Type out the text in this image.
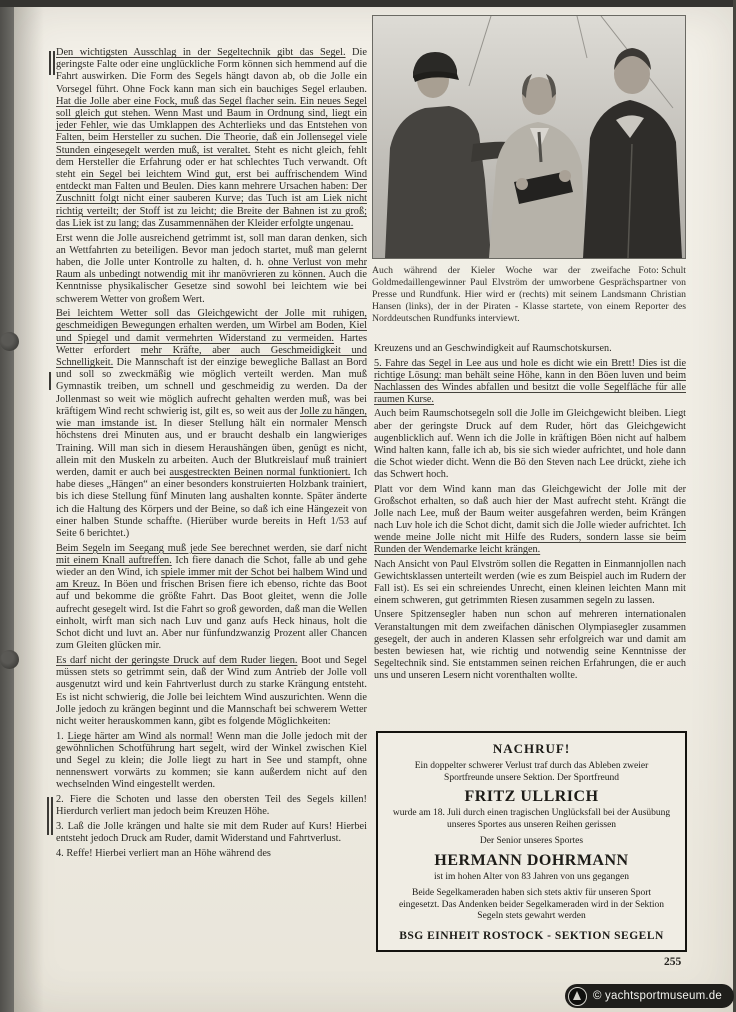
Den wichtigsten Ausschlag in der Segeltechnik gibt das Segel. Die geringste Falte oder eine unglückliche Form können sich hemmend auf die Fahrt auswirken. Die Form des Segels hängt davon ab, ob die Jolle ein Vorsegel führt. Ohne Fock kann man sich ein bauchiges Segel erlauben. Hat die Jolle aber eine Fock, muß das Segel flacher sein. Ein neues Segel soll gleich gut stehen. Wenn Mast und Baum in Ordnung sind, liegt ein jeder Fehler, wie das Umklappen des Achterlieks und das Entstehen von Falten, beim Hersteller zu suchen. Die Theorie, daß ein Jollensegel viele Stunden eingesegelt werden muß, ist veraltet. Steht es nicht gleich, fehlt dem Hersteller die Erfahrung oder er hat schlechtes Tuch verwandt. Oft steht ein Segel bei leichtem Wind gut, erst bei auffrischendem Wind entdeckt man Falten und Beulen. Dies kann mehrere Ursachen haben: Der Zuschnitt folgt nicht einer sauberen Kurve; das Tuch ist am Liek nicht richtig verteilt; der Stoff ist zu leicht; die Breite der Bahnen ist zu groß; das Liek ist zu lang; das Zusammennähen der Kleider erfolgte ungenau.

Erst wenn die Jolle ausreichend getrimmt ist, soll man daran denken, sich an Wettfahrten zu beteiligen. Bevor man jedoch startet, muß man gelernt haben, die Jolle unter Kontrolle zu halten, d. h. ohne Verlust von mehr Raum als unbedingt notwendig mit ihr manövrieren zu können. Auch die Kenntnisse physikalischer Gesetze sind sowohl bei leichtem wie bei schwerem Wetter von großem Wert.

Bei leichtem Wetter soll das Gleichgewicht der Jolle mit ruhigen, geschmeidigen Bewegungen erhalten werden, um Wirbel am Boden, Kiel und Spiegel und damit vermehrten Widerstand zu vermeiden. Hartes Wetter erfordert mehr Kräfte, aber auch Geschmeidigkeit und Schnelligkeit. Die Mannschaft ist der einzige bewegliche Ballast an Bord und soll so zweckmäßig wie möglich verteilt werden. Man muß Gymnastik treiben, um schnell und geschmeidig zu werden. Da der Jollenmast so weit wie möglich aufrecht gehalten werden muß, was bei kräftigem Wind recht schwierig ist, gilt es, so weit aus der Jolle zu hängen, wie man imstande ist. In dieser Stellung hält ein normaler Mensch höchstens drei Minuten aus, und er braucht deshalb ein langwieriges Training. Will man sich in diesem Heraushängen üben, genügt es nicht, allein mit den Muskeln zu arbeiten. Auch der Blutkreislauf muß trainiert werden, damit er auch bei ausgestreckten Beinen normal funktioniert. Ich habe dieses „Hängen“ an einer besonders konstruierten Holzbank trainiert, bis ich diese Stellung fünf Minuten lang aushalten konnte. Später änderte ich die Haltung des Körpers und der Beine, so daß ich eine Hängezeit von einer halben Stunde schaffte. (Hierüber wurde bereits in Heft 1/53 auf Seite 6 berichtet.)

Beim Segeln im Seegang muß jede See berechnet werden, sie darf nicht mit einem Knall auftreffen. Ich fiere danach die Schot, falle ab und gehe wieder an den Wind, ich spiele immer mit der Schot bei halbem Wind und am Kreuz. In Böen und frischen Brisen fiere ich ebenso, richte das Boot auf und bekomme die größte Fahrt. Das Boot gleitet, wenn die Jolle aufrecht gesegelt wird. Ist die Fahrt so groß geworden, daß man die Wellen einholt, wirft man sich nach Luv und ganz aufs Heck hinaus, holt die Schot dicht und luvt an. Aber nur fünfundzwanzig Prozent aller Chancen zum Gleiten glücken mir.

Es darf nicht der geringste Druck auf dem Ruder liegen. Boot und Segel müssen stets so getrimmt sein, daß der Wind zum Antrieb der Jolle voll ausgenutzt wird und kein Fahrtverlust durch zu starke Krängung entsteht. Es ist nicht schwierig, die Jolle bei leichtem Wind auszurichten. Wenn die Jolle jedoch zu krängen beginnt und die Mannschaft bei schwerem Wetter nicht weiter herauskommen kann, gibt es folgende Möglichkeiten:

1. Liege härter am Wind als normal! Wenn man die Jolle jedoch mit der gewöhnlichen Schotführung hart segelt, wird der Winkel zwischen Kiel und Segel zu klein; die Jolle liegt zu hart in See und stampft, ohne nennenswert vorwärts zu kommen; sie kann außerdem nicht auf den wechselnden Wind eingestellt werden.

2. Fiere die Schoten und lasse den obersten Teil des Segels killen! Hierdurch verliert man jedoch beim Kreuzen Höhe.

3. Laß die Jolle krängen und halte sie mit dem Ruder auf Kurs! Hierbei entsteht jedoch Druck am Ruder, damit Widerstand und Fahrtverlust.

4. Reffe! Hierbei verliert man an Höhe während des

Foto: Schult
Auch während der Kieler Woche war der zweifache Goldmedaillengewinner Paul Elvström der umworbene Gesprächspartner von Presse und Rundfunk. Hier wird er (rechts) mit seinem Landsmann Christian Hansen (links), der in der Piraten - Klasse startete, von einem Reporter des Norddeutschen Rundfunks interviewt.

Kreuzens und an Geschwindigkeit auf Raumschotskursen.

5. Fahre das Segel in Lee aus und hole es dicht wie ein Brett! Dies ist die richtige Lösung: man behält seine Höhe, kann in den Böen luven und beim Nachlassen des Windes abfallen und besitzt die volle Segelfläche für alle raumen Kurse.

Auch beim Raumschotsegeln soll die Jolle im Gleichgewicht bleiben. Liegt aber der geringste Druck auf dem Ruder, hört das Gleichgewicht augenblicklich auf. Wenn ich die Jolle in kräftigen Böen nicht auf halbem Wind halten kann, falle ich ab, bis sie sich wieder aufrichtet, und hole dann die Schot wieder dicht. Wenn die Bö den Steven nach Lee drückt, ziehe ich das Schwert hoch.

Platt vor dem Wind kann man das Gleichgewicht der Jolle mit der Großschot erhalten, so daß auch hier der Mast aufrecht steht. Krängt die Jolle nach Lee, muß der Baum weiter ausgefahren werden, beim Krängen nach Luv hole ich die Schot dicht, damit sich die Jolle wieder aufrichtet. Ich wende meine Jolle nicht mit Hilfe des Ruders, sondern lasse sie beim Runden der Wendemarke leicht krängen.

Nach Ansicht von Paul Elvström sollen die Regatten in Einmannjollen nach Gewichtsklassen unterteilt werden (wie es zum Beispiel auch im Rudern der Fall ist). Es sei ein schreiendes Unrecht, einen kleinen leichten Mann mit einem schweren, gut getrimmten Riesen zusammen segeln zu lassen.

Unsere Spitzensegler haben nun schon auf mehreren internationalen Veranstaltungen mit dem zweifachen dänischen Olympiasegler zusammen gesegelt, der auch in anderen Klassen sehr erfolgreich war und damit am besten bewiesen hat, wie richtig und notwendig seine Kenntnisse der Segeltechnik sind. Sie entstammen seinen reichen Erfahrungen, die er auch uns und unseren Lesern nicht vorenthalten wollte.

NACHRUF!
Ein doppelter schwerer Verlust traf durch das Ableben zweier Sportfreunde unsere Sektion. Der Sportfreund
FRITZ ULLRICH
wurde am 18. Juli durch einen tragischen Unglücksfall bei der Ausübung unseres Sportes aus unseren Reihen gerissen
Der Senior unseres Sportes
HERMANN DOHRMANN
ist im hohen Alter von 83 Jahren von uns gegangen
Beide Segelkameraden haben sich stets aktiv für unseren Sport eingesetzt. Das Andenken beider Segelkameraden wird in der Sektion Segeln stets gewahrt werden
BSG EINHEIT ROSTOCK - SEKTION SEGELN
255
© yachtsportmuseum.de
